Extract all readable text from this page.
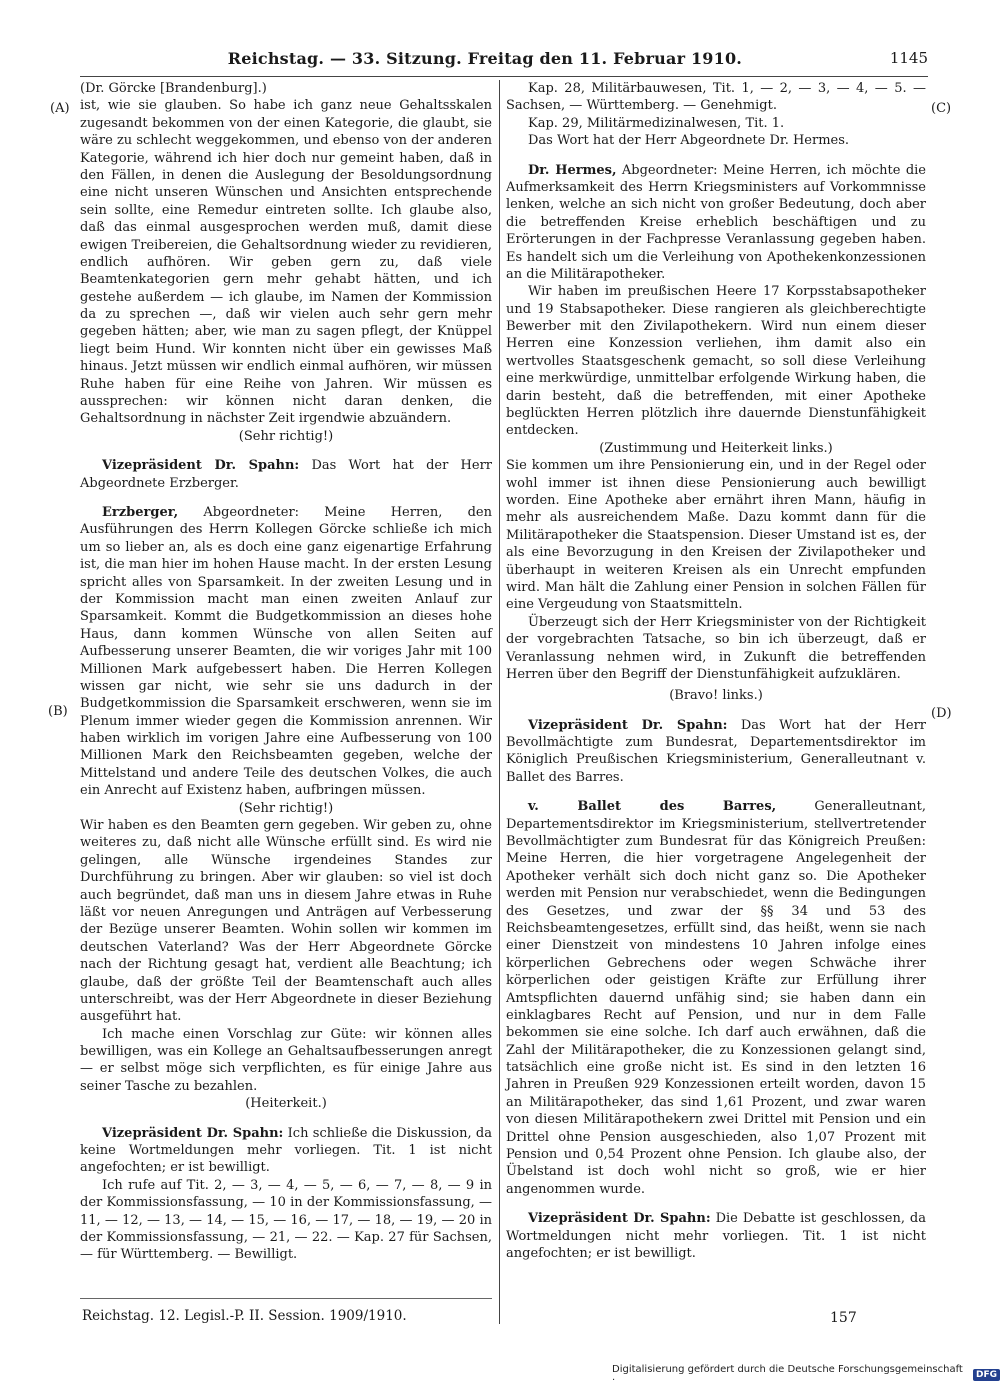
Reichstag. — 33. Sitzung. Freitag den 11. Februar 1910.	1145
(A)
(B)
(C)
(D)

(Dr. Görcke [Brandenburg].)

ist, wie sie glauben. So habe ich ganz neue Gehaltsskalen zugesandt bekommen von der einen Kategorie, die glaubt, sie wäre zu schlecht weggekommen, und ebenso von der anderen Kategorie, während ich hier doch nur gemeint haben, daß in den Fällen, in denen die Auslegung der Besoldungsordnung eine nicht unseren Wünschen und Ansichten entsprechende sein sollte, eine Remedur eintreten sollte. Ich glaube also, daß das einmal ausgesprochen werden muß, damit diese ewigen Treibereien, die Gehaltsordnung wieder zu revidieren, endlich aufhören. Wir geben gern zu, daß viele Beamtenkategorien gern mehr gehabt hätten, und ich gestehe außerdem — ich glaube, im Namen der Kommission da zu sprechen —, daß wir vielen auch sehr gern mehr gegeben hätten; aber, wie man zu sagen pflegt, der Knüppel liegt beim Hund. Wir konnten nicht über ein gewisses Maß hinaus. Jetzt müssen wir endlich einmal aufhören, wir müssen Ruhe haben für eine Reihe von Jahren. Wir müssen es aussprechen: wir können nicht daran denken, die Gehaltsordnung in nächster Zeit irgendwie abzuändern.

(Sehr richtig!)

Vizepräsident Dr. Spahn: Das Wort hat der Herr Abgeordnete Erzberger.

Erzberger, Abgeordneter: Meine Herren, den Ausführungen des Herrn Kollegen Görcke schließe ich mich um so lieber an, als es doch eine ganz eigenartige Erfahrung ist, die man hier im hohen Hause macht. In der ersten Lesung spricht alles von Sparsamkeit. In der zweiten Lesung und in der Kommission macht man einen zweiten Anlauf zur Sparsamkeit. Kommt die Budgetkommission an dieses hohe Haus, dann kommen Wünsche von allen Seiten auf Aufbesserung unserer Beamten, die wir voriges Jahr mit 100 Millionen Mark aufgebessert haben. Die Herren Kollegen wissen gar nicht, wie sehr sie uns dadurch in der Budgetkommission die Sparsamkeit erschweren, wenn sie im Plenum immer wieder gegen die Kommission anrennen. Wir haben wirklich im vorigen Jahre eine Aufbesserung von 100 Millionen Mark den Reichsbeamten gegeben, welche der Mittelstand und andere Teile des deutschen Volkes, die auch ein Anrecht auf Existenz haben, aufbringen müssen.

(Sehr richtig!)

Wir haben es den Beamten gern gegeben. Wir geben zu, ohne weiteres zu, daß nicht alle Wünsche erfüllt sind. Es wird nie gelingen, alle Wünsche irgendeines Standes zur Durchführung zu bringen. Aber wir glauben: so viel ist doch auch begründet, daß man uns in diesem Jahre etwas in Ruhe läßt vor neuen Anregungen und Anträgen auf Verbesserung der Bezüge unserer Beamten. Wohin sollen wir kommen im deutschen Vaterland? Was der Herr Abgeordnete Görcke nach der Richtung gesagt hat, verdient alle Beachtung; ich glaube, daß der größte Teil der Beamtenschaft auch alles unterschreibt, was der Herr Abgeordnete in dieser Beziehung ausgeführt hat.

Ich mache einen Vorschlag zur Güte: wir können alles bewilligen, was ein Kollege an Gehaltsaufbesserungen anregt — er selbst möge sich verpflichten, es für einige Jahre aus seiner Tasche zu bezahlen.

(Heiterkeit.)

Vizepräsident Dr. Spahn: Ich schließe die Diskussion, da keine Wortmeldungen mehr vorliegen. Tit. 1 ist nicht angefochten; er ist bewilligt.

Ich rufe auf Tit. 2, — 3, — 4, — 5, — 6, — 7, — 8, — 9 in der Kommissionsfassung, — 10 in der Kommissionsfassung, — 11, — 12, — 13, — 14, — 15, — 16, — 17, — 18, — 19, — 20 in der Kommissionsfassung, — 21, — 22. — Kap. 27 für Sachsen, — für Württemberg. — Bewilligt.

Kap. 28, Militärbauwesen, Tit. 1, — 2, — 3, — 4, — 5. — Sachsen, — Württemberg. — Genehmigt.

Kap. 29, Militärmedizinalwesen, Tit. 1.

Das Wort hat der Herr Abgeordnete Dr. Hermes.

Dr. Hermes, Abgeordneter: Meine Herren, ich möchte die Aufmerksamkeit des Herrn Kriegsministers auf Vorkommnisse lenken, welche an sich nicht von großer Bedeutung, doch aber die betreffenden Kreise erheblich beschäftigen und zu Erörterungen in der Fachpresse Veranlassung gegeben haben. Es handelt sich um die Verleihung von Apothekenkonzessionen an die Militärapotheker.

Wir haben im preußischen Heere 17 Korpsstabsapotheker und 19 Stabsapotheker. Diese rangieren als gleichberechtigte Bewerber mit den Zivilapothekern. Wird nun einem dieser Herren eine Konzession verliehen, ihm damit also ein wertvolles Staatsgeschenk gemacht, so soll diese Verleihung eine merkwürdige, unmittelbar erfolgende Wirkung haben, die darin besteht, daß die betreffenden, mit einer Apotheke beglückten Herren plötzlich ihre dauernde Dienstunfähigkeit entdecken.

(Zustimmung und Heiterkeit links.)

Sie kommen um ihre Pensionierung ein, und in der Regel oder wohl immer ist ihnen diese Pensionierung auch bewilligt worden. Eine Apotheke aber ernährt ihren Mann, häufig in mehr als ausreichendem Maße. Dazu kommt dann für die Militärapotheker die Staatspension. Dieser Umstand ist es, der als eine Bevorzugung in den Kreisen der Zivilapotheker und überhaupt in weiteren Kreisen als ein Unrecht empfunden wird. Man hält die Zahlung einer Pension in solchen Fällen für eine Vergeudung von Staatsmitteln.

Überzeugt sich der Herr Kriegsminister von der Richtigkeit der vorgebrachten Tatsache, so bin ich überzeugt, daß er Veranlassung nehmen wird, in Zukunft die betreffenden Herren über den Begriff der Dienstunfähigkeit aufzuklären.

(Bravo! links.)

Vizepräsident Dr. Spahn: Das Wort hat der Herr Bevollmächtigte zum Bundesrat, Departementsdirektor im Königlich Preußischen Kriegsministerium, Generalleutnant v. Ballet des Barres.

v. Ballet des Barres,	Generalleutnant, Departementsdirektor im Kriegsministerium, stellvertretender Bevollmächtigter zum Bundesrat für das Königreich Preußen: Meine Herren, die hier vorgetragene Angelegenheit der Apotheker verhält sich doch nicht ganz so. Die Apotheker werden mit Pension nur verabschiedet, wenn die Bedingungen des Gesetzes, und zwar der §§ 34 und 53 des Reichsbeamtengesetzes, erfüllt sind, das heißt, wenn sie nach einer Dienstzeit von mindestens 10 Jahren infolge eines körperlichen Gebrechens oder wegen Schwäche ihrer körperlichen oder geistigen Kräfte zur Erfüllung ihrer Amtspflichten dauernd unfähig sind; sie haben dann ein einklagbares Recht auf Pension, und nur in dem Falle bekommen sie eine solche. Ich darf auch erwähnen, daß die Zahl der Militärapotheker, die zu Konzessionen gelangt sind, tatsächlich eine große nicht ist. Es sind in den letzten 16 Jahren in Preußen 929 Konzessionen erteilt worden, davon 15 an Militärapotheker, das sind 1,61 Prozent, und zwar waren von diesen Militärapothekern zwei Drittel mit Pension und ein Drittel ohne Pension ausgeschieden, also 1,07 Prozent mit Pension und 0,54 Prozent ohne Pension. Ich glaube also, der Übelstand ist doch wohl nicht so groß, wie er hier angenommen wurde.

Vizepräsident Dr. Spahn: Die Debatte ist geschlossen, da Wortmeldungen nicht mehr vorliegen. Tit. 1 ist nicht angefochten; er ist bewilligt.

Reichstag. 12. Legisl.-P. II. Session. 1909/1910.	157
Digitalisierung gefördert durch die Deutsche Forschungsgemeinschaft ·	DFG
